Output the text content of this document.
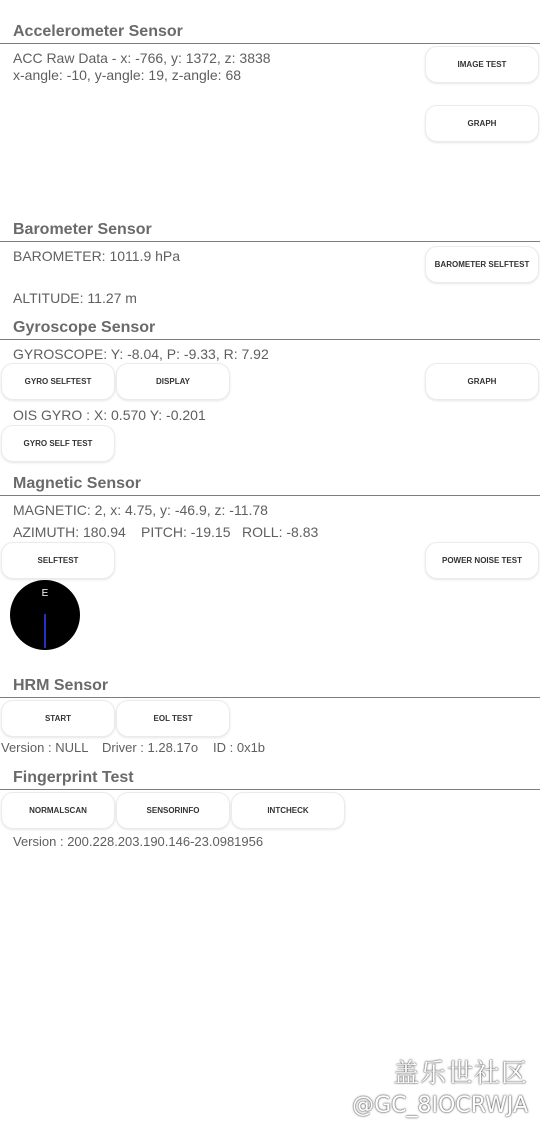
Accelerometer Sensor
ACC Raw Data - x: -766, y: 1372, z: 3838
x-angle: -10, y-angle: 19, z-angle: 68
IMAGE TEST
GRAPH
Barometer Sensor
BAROMETER: 1011.9 hPa
BAROMETER SELFTEST
ALTITUDE: 11.27 m
Gyroscope Sensor
GYROSCOPE: Y: -8.04, P: -9.33, R: 7.92
GYRO SELFTEST	DISPLAY	GRAPH
OIS GYRO : X: 0.570 Y: -0.201
GYRO SELF TEST
Magnetic Sensor
MAGNETIC: 2, x: 4.75, y: -46.9, z: -11.78
AZIMUTH: 180.94 PITCH: -19.15 ROLL: -8.83
SELFTEST	POWER NOISE TEST
E
HRM Sensor
START	EOL TEST
Version : NULL Driver : 1.28.17o ID : 0x1b
Fingerprint Test
NORMALSCAN	SENSORINFO	INTCHECK
Version : 200.228.203.190.146-23.0981956
盖乐世社区
@GC_8IOCRWJA
